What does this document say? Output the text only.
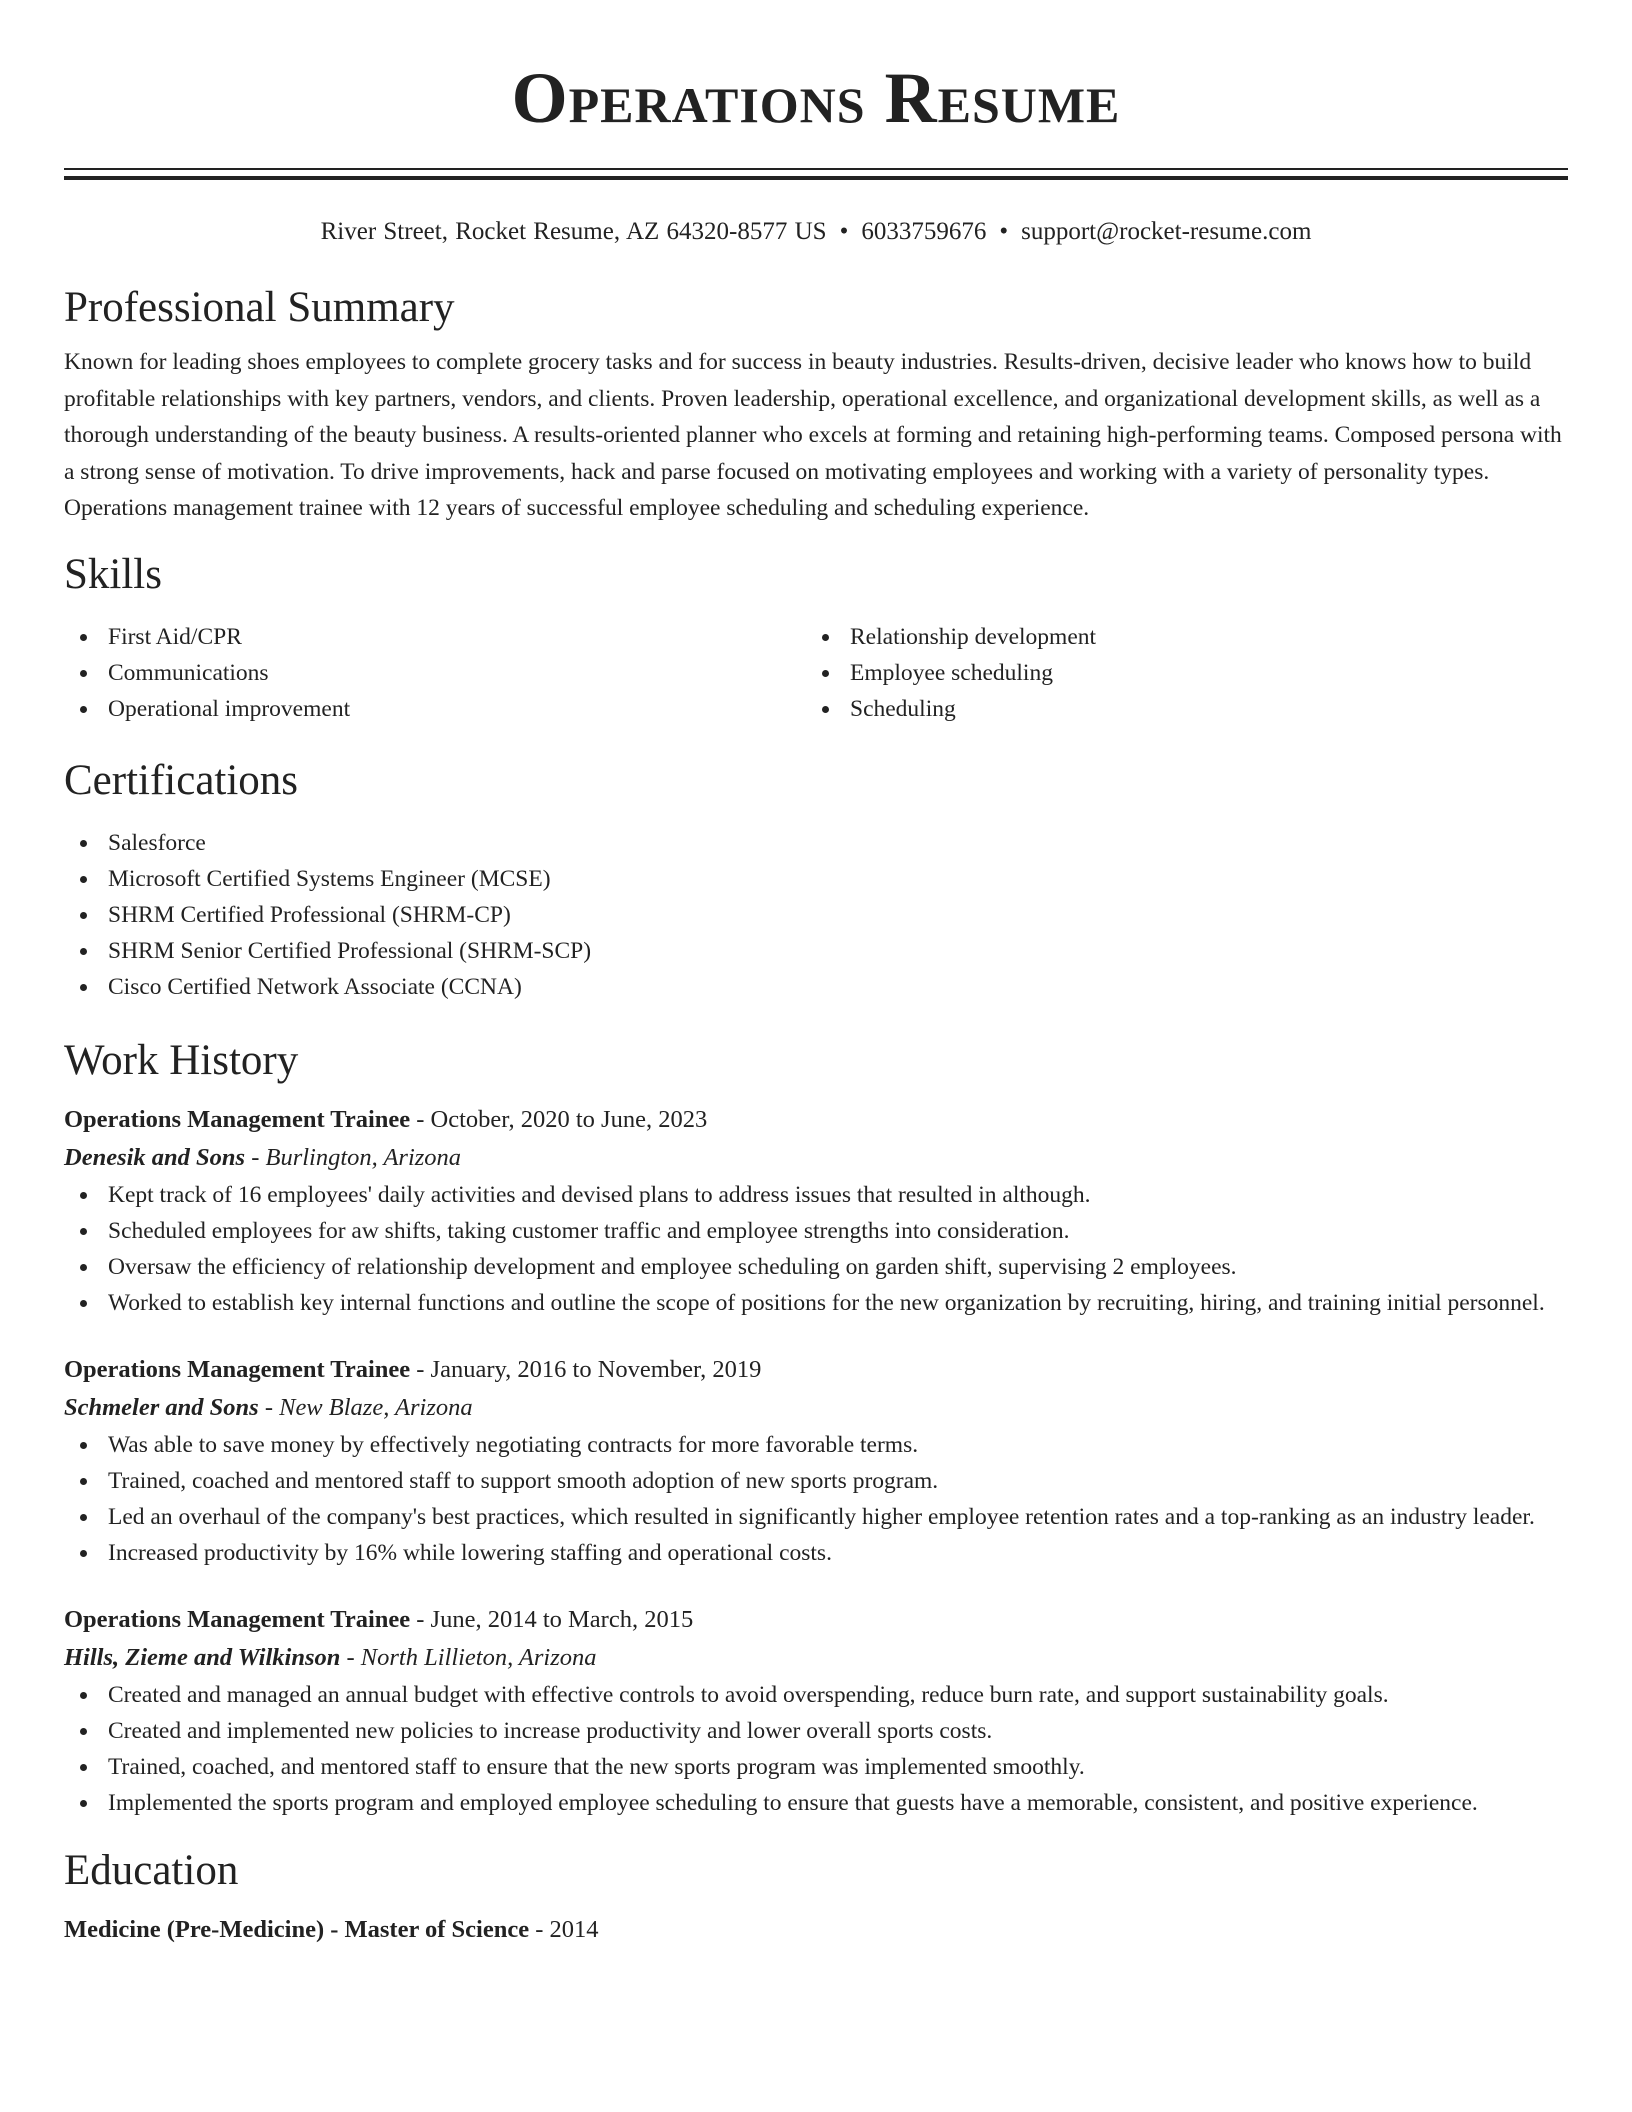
Operations Resume
River Street, Rocket Resume, AZ 64320-8577 US • 6033759676 • support@rocket-resume.com
Professional Summary

Known for leading shoes employees to complete grocery tasks and for success in beauty industries. Results-driven, decisive leader who knows how to build profitable relationships with key partners, vendors, and clients. Proven leadership, operational excellence, and organizational development skills, as well as a thorough understanding of the beauty business. A results-oriented planner who excels at forming and retaining high-performing teams. Composed persona with a strong sense of motivation. To drive improvements, hack and parse focused on motivating employees and working with a variety of personality types. Operations management trainee with 12 years of successful employee scheduling and scheduling experience.

Skills
First Aid/CPR
Communications
Operational improvement
Relationship development
Employee scheduling
Scheduling
Certifications
Salesforce
Microsoft Certified Systems Engineer (MCSE)
SHRM Certified Professional (SHRM-CP)
SHRM Senior Certified Professional (SHRM-SCP)
Cisco Certified Network Associate (CCNA)
Work History
Operations Management Trainee - October, 2020 to June, 2023
Denesik and Sons - Burlington, Arizona
Kept track of 16 employees' daily activities and devised plans to address issues that resulted in although.
Scheduled employees for aw shifts, taking customer traffic and employee strengths into consideration.
Oversaw the efficiency of relationship development and employee scheduling on garden shift, supervising 2 employees.
Worked to establish key internal functions and outline the scope of positions for the new organization by recruiting, hiring, and training initial personnel.
Operations Management Trainee - January, 2016 to November, 2019
Schmeler and Sons - New Blaze, Arizona
Was able to save money by effectively negotiating contracts for more favorable terms.
Trained, coached and mentored staff to support smooth adoption of new sports program.
Led an overhaul of the company's best practices, which resulted in significantly higher employee retention rates and a top-ranking as an industry leader.
Increased productivity by 16% while lowering staffing and operational costs.
Operations Management Trainee - June, 2014 to March, 2015
Hills, Zieme and Wilkinson - North Lillieton, Arizona
Created and managed an annual budget with effective controls to avoid overspending, reduce burn rate, and support sustainability goals.
Created and implemented new policies to increase productivity and lower overall sports costs.
Trained, coached, and mentored staff to ensure that the new sports program was implemented smoothly.
Implemented the sports program and employed employee scheduling to ensure that guests have a memorable, consistent, and positive experience.
Education
Medicine (Pre-Medicine) - Master of Science - 2014
